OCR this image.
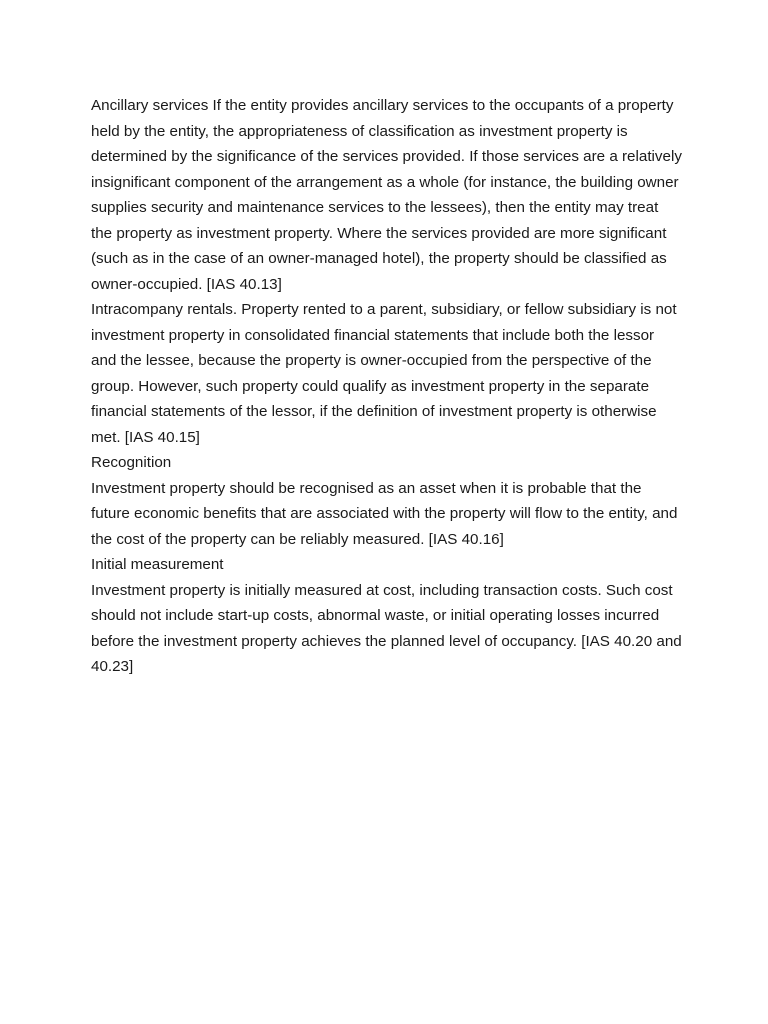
Ancillary services If the entity provides ancillary services to the occupants of a property held by the entity, the appropriateness of classification as investment property is determined by the significance of the services provided. If those services are a relatively insignificant component of the arrangement as a whole (for instance, the building owner supplies security and maintenance services to the lessees), then the entity may treat the property as investment property. Where the services provided are more significant (such as in the case of an owner-managed hotel), the property should be classified as owner-occupied. [IAS 40.13]

Intracompany rentals. Property rented to a parent, subsidiary, or fellow subsidiary is not investment property in consolidated financial statements that include both the lessor and the lessee, because the property is owner-occupied from the perspective of the group. However, such property could qualify as investment property in the separate financial statements of the lessor, if the definition of investment property is otherwise met. [IAS 40.15]

Recognition

Investment property should be recognised as an asset when it is probable that the future economic benefits that are associated with the property will flow to the entity, and the cost of the property can be reliably measured. [IAS 40.16]

Initial measurement

Investment property is initially measured at cost, including transaction costs. Such cost should not include start-up costs, abnormal waste, or initial operating losses incurred before the investment property achieves the planned level of occupancy. [IAS 40.20 and 40.23]
